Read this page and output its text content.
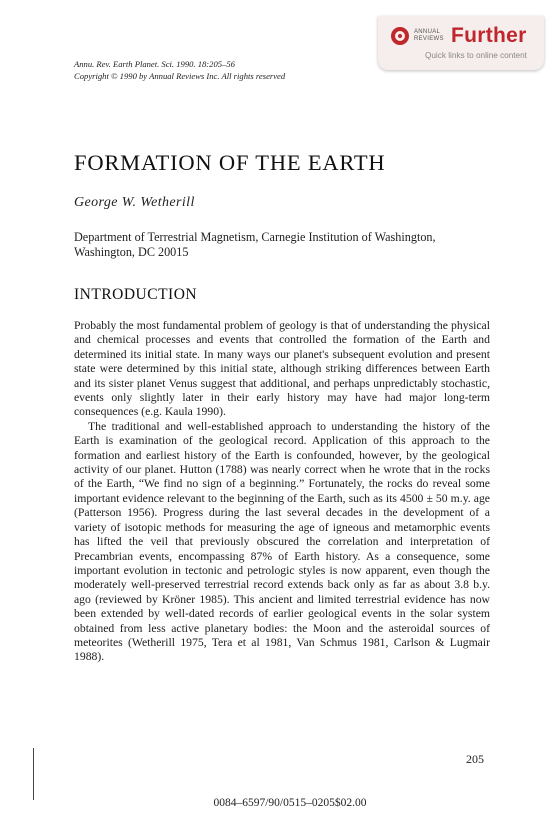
Annu. Rev. Earth Planet. Sci. 1990. 18:205–56
Copyright © 1990 by Annual Reviews Inc. All rights reserved
ANNUAL
REVIEWS Further
Quick links to online content
FORMATION OF THE EARTH
George W. Wetherill
Department of Terrestrial Magnetism, Carnegie Institution of Washington, Washington, DC 20015
INTRODUCTION

Probably the most fundamental problem of geology is that of understanding the physical and chemical processes and events that controlled the formation of the Earth and determined its initial state. In many ways our planet's subsequent evolution and present state were determined by this initial state, although striking differences between Earth and its sister planet Venus suggest that additional, and perhaps unpredictably stochastic, events only slightly later in their early history may have had major long-term consequences (e.g. Kaula 1990).

The traditional and well-established approach to understanding the history of the Earth is examination of the geological record. Application of this approach to the formation and earliest history of the Earth is confounded, however, by the geological activity of our planet. Hutton (1788) was nearly correct when he wrote that in the rocks of the Earth, “We find no sign of a beginning.” Fortunately, the rocks do reveal some important evidence relevant to the beginning of the Earth, such as its 4500 ± 50 m.y. age (Patterson 1956). Progress during the last several decades in the development of a variety of isotopic methods for measuring the age of igneous and metamorphic events has lifted the veil that previously obscured the correlation and interpretation of Precambrian events, encompassing 87% of Earth history. As a consequence, some important evolution in tectonic and petrologic styles is now apparent, even though the moderately well-preserved terrestrial record extends back only as far as about 3.8 b.y. ago (reviewed by Kröner 1985). This ancient and limited terrestrial evidence has now been extended by well-dated records of earlier geological events in the solar system obtained from less active planetary bodies: the Moon and the asteroidal sources of meteorites (Wetherill 1975, Tera et al 1981, Van Schmus 1981, Carlson & Lugmair 1988).

205
0084–6597/90/0515–0205$02.00
